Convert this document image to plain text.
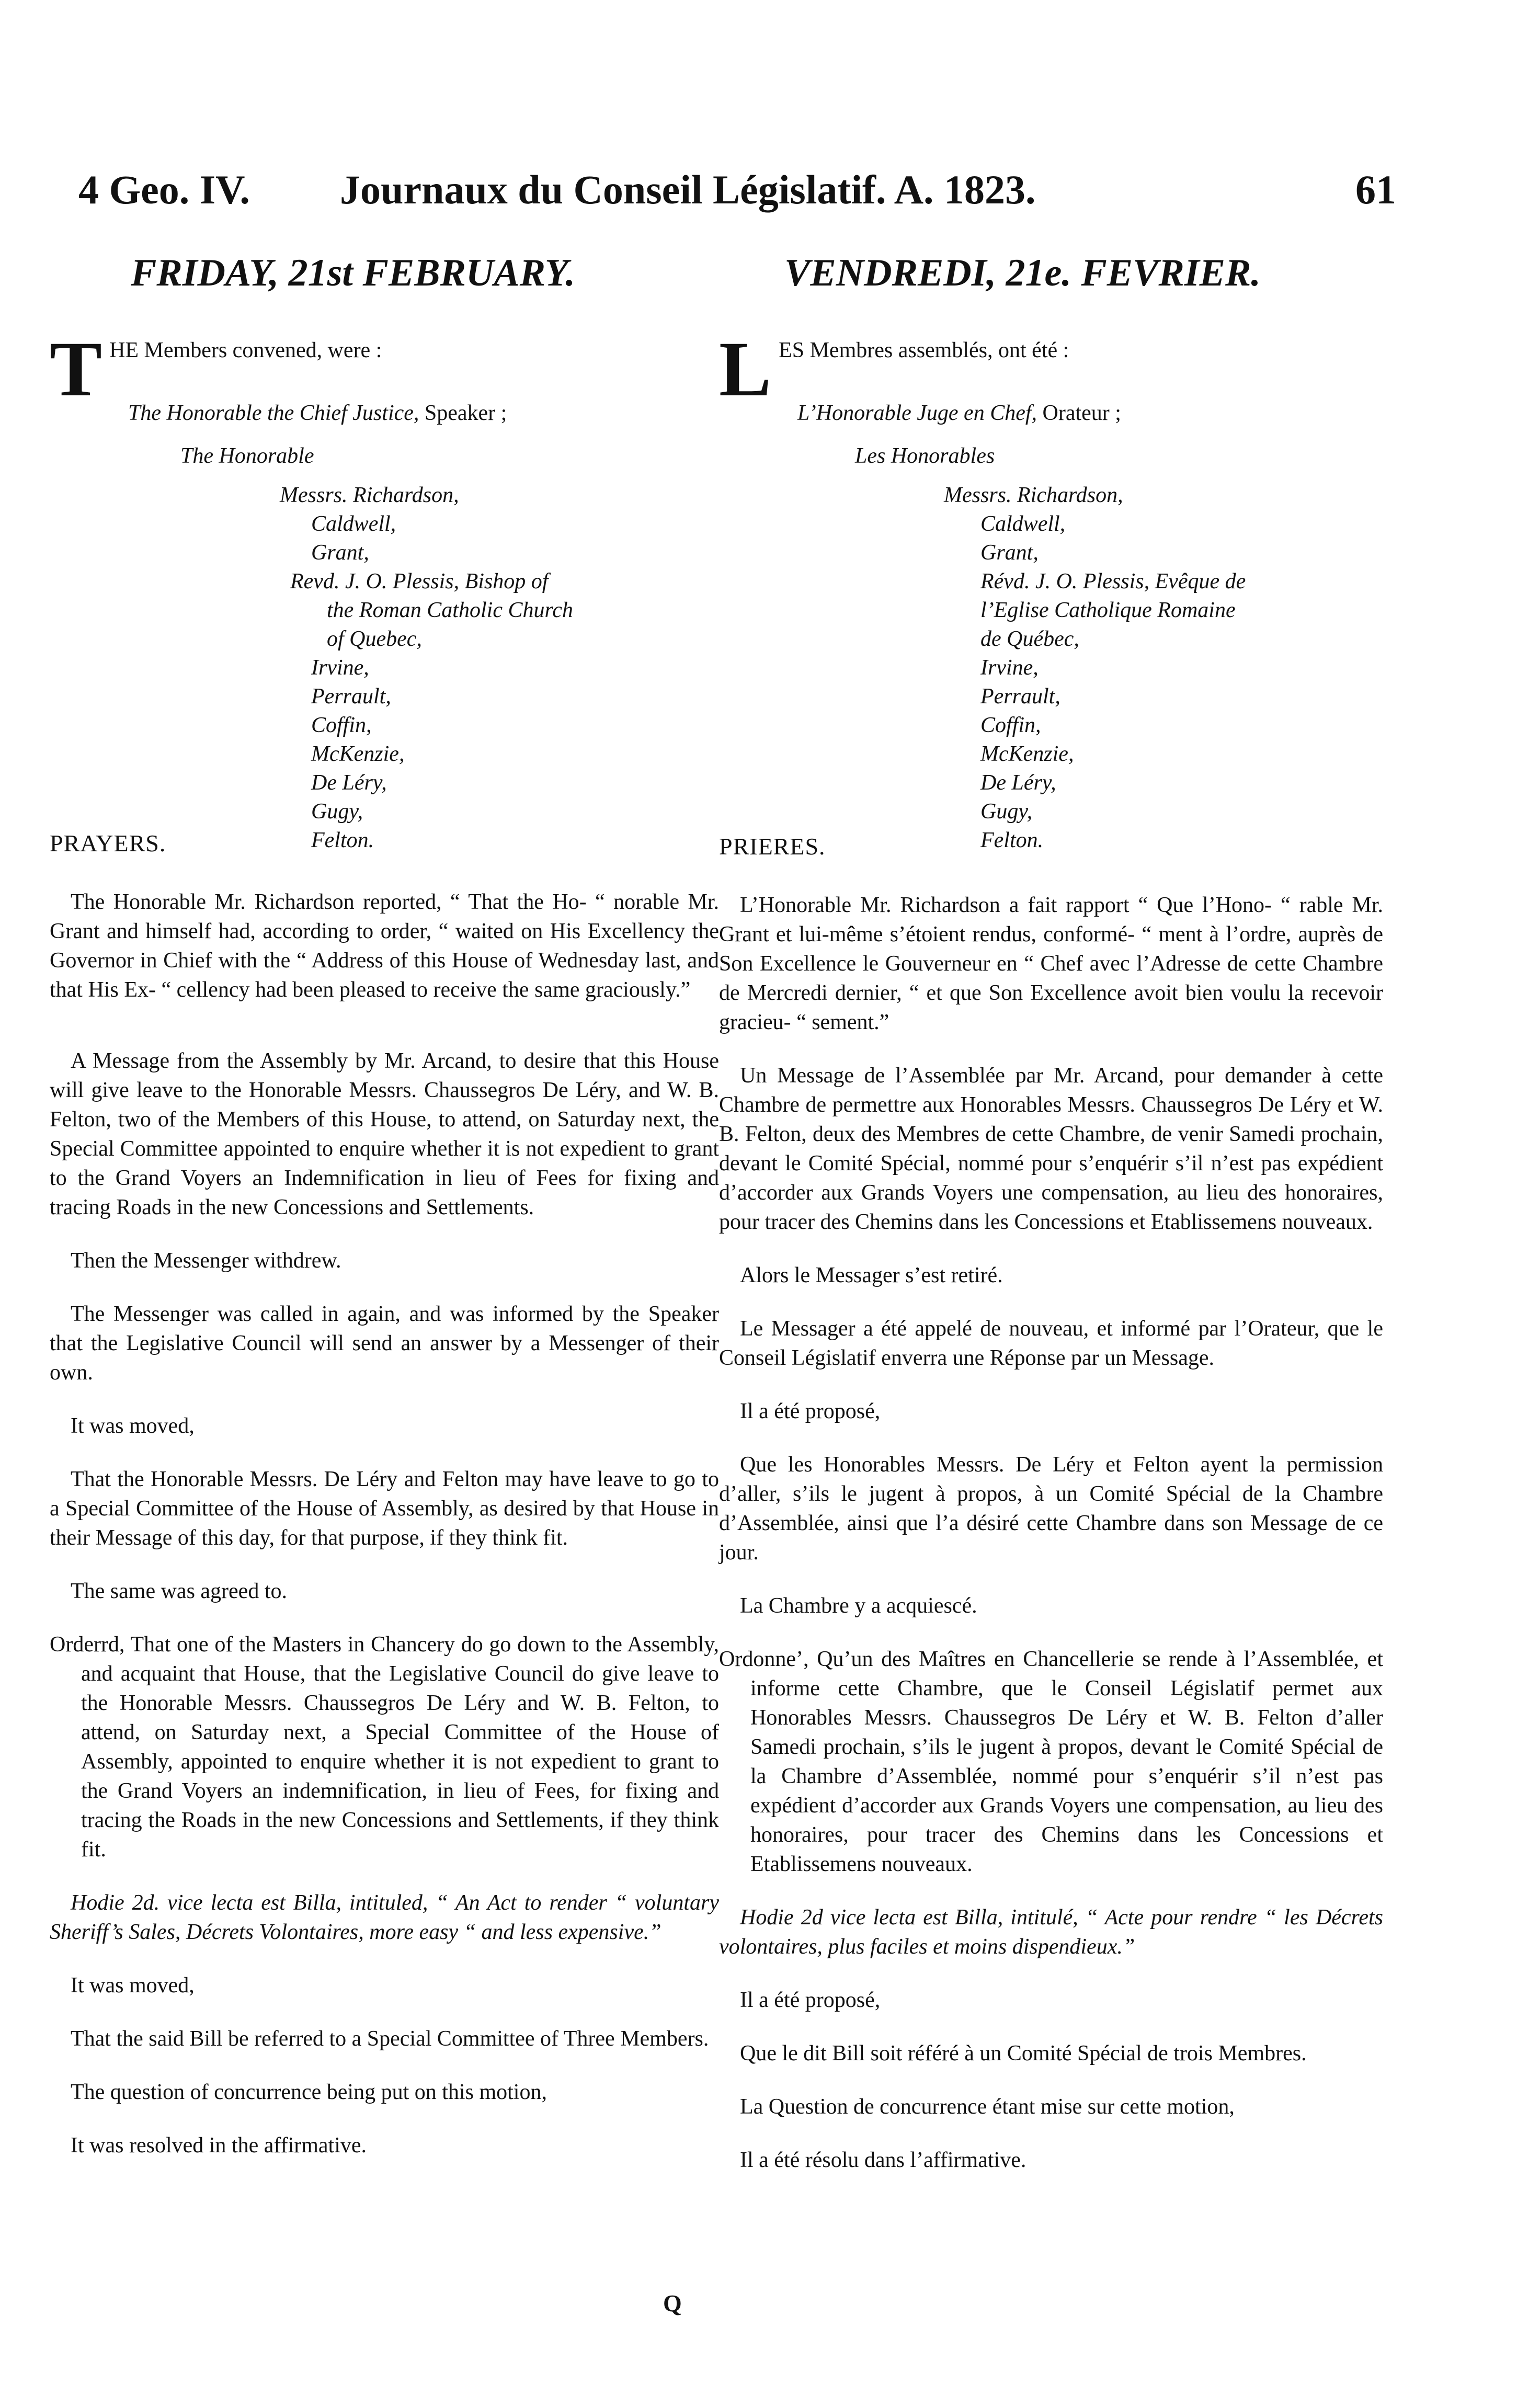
4 Geo. IV. Journaux du Conseil Législatif. A. 1823.	61
FRIDAY, 21st FEBRUARY.	VENDREDI, 21e. FEVRIER.
T HE Members convened, were :
The Honorable the Chief Justice, Speaker ;
The Honorable
Messrs. Richardson,
Caldwell,
Grant,
Revd. J. O. Plessis, Bishop of
the Roman Catholic Church
of Quebec,
Irvine,
Perrault,
Coffin,
McKenzie,
De Léry,
Gugy,
Felton.
PRAYERS.

The Honorable Mr. Richardson reported, “ That the Ho- “ norable Mr. Grant and himself had, according to order, “ waited on His Excellency the Governor in Chief with the “ Address of this House of Wednesday last, and that His Ex- “ cellency had been pleased to receive the same graciously.”

A Message from the Assembly by Mr. Arcand, to desire that this House will give leave to the Honorable Messrs. Chaussegros De Léry, and W. B. Felton, two of the Members of this House, to attend, on Saturday next, the Special Committee appointed to enquire whether it is not expedient to grant to the Grand Voyers an Indemnification in lieu of Fees for fixing and tracing Roads in the new Concessions and Settlements.

Then the Messenger withdrew.

The Messenger was called in again, and was informed by the Speaker that the Legislative Council will send an answer by a Messenger of their own.

It was moved,

That the Honorable Messrs. De Léry and Felton may have leave to go to a Special Committee of the House of Assembly, as desired by that House in their Message of this day, for that purpose, if they think fit.

The same was agreed to.

Orderrd, That one of the Masters in Chancery do go down to the Assembly, and acquaint that House, that the Legislative Council do give leave to the Honorable Messrs. Chaussegros De Léry and W. B. Felton, to attend, on Saturday next, a Special Committee of the House of Assembly, appointed to enquire whether it is not expedient to grant to the Grand Voyers an indemnification, in lieu of Fees, for fixing and tracing the Roads in the new Concessions and Settlements, if they think fit.

Hodie 2d. vice lecta est Billa, intituled, “ An Act to render “ voluntary Sheriff’s Sales, Décrets Volontaires, more easy “ and less expensive.”

It was moved,

That the said Bill be referred to a Special Committee of Three Members.

The question of concurrence being put on this motion,

It was resolved in the affirmative.

L ES Membres assemblés, ont été :
L’Honorable Juge en Chef, Orateur ;
Les Honorables
Messrs. Richardson,
Caldwell,
Grant,
Révd. J. O. Plessis, Evêque de
l’Eglise Catholique Romaine
de Québec,
Irvine,
Perrault,
Coffin,
McKenzie,
De Léry,
Gugy,
Felton.
PRIERES.

L’Honorable Mr. Richardson a fait rapport “ Que l’Hono- “ rable Mr. Grant et lui-même s’étoient rendus, conformé- “ ment à l’ordre, auprès de Son Excellence le Gouverneur en “ Chef avec l’Adresse de cette Chambre de Mercredi dernier, “ et que Son Excellence avoit bien voulu la recevoir gracieu- “ sement.”

Un Message de l’Assemblée par Mr. Arcand, pour demander à cette Chambre de permettre aux Honorables Messrs. Chaussegros De Léry et W. B. Felton, deux des Membres de cette Chambre, de venir Samedi prochain, devant le Comité Spécial, nommé pour s’enquérir s’il n’est pas expédient d’accorder aux Grands Voyers une compensation, au lieu des honoraires, pour tracer des Chemins dans les Concessions et Etablissemens nouveaux.

Alors le Messager s’est retiré.

Le Messager a été appelé de nouveau, et informé par l’Orateur, que le Conseil Législatif enverra une Réponse par un Message.

Il a été proposé,

Que les Honorables Messrs. De Léry et Felton ayent la permission d’aller, s’ils le jugent à propos, à un Comité Spécial de la Chambre d’Assemblée, ainsi que l’a désiré cette Chambre dans son Message de ce jour.

La Chambre y a acquiescé.

Ordonne’, Qu’un des Maîtres en Chancellerie se rende à l’Assemblée, et informe cette Chambre, que le Conseil Législatif permet aux Honorables Messrs. Chaussegros De Léry et W. B. Felton d’aller Samedi prochain, s’ils le jugent à propos, devant le Comité Spécial de la Chambre d’Assemblée, nommé pour s’enquérir s’il n’est pas expédient d’accorder aux Grands Voyers une compensation, au lieu des honoraires, pour tracer des Chemins dans les Concessions et Etablissemens nouveaux.

Hodie 2d vice lecta est Billa, intitulé, “ Acte pour rendre “ les Décrets volontaires, plus faciles et moins dispendieux.”

Il a été proposé,

Que le dit Bill soit référé à un Comité Spécial de trois Membres.

La Question de concurrence étant mise sur cette motion,

Il a été résolu dans l’affirmative.

Q
